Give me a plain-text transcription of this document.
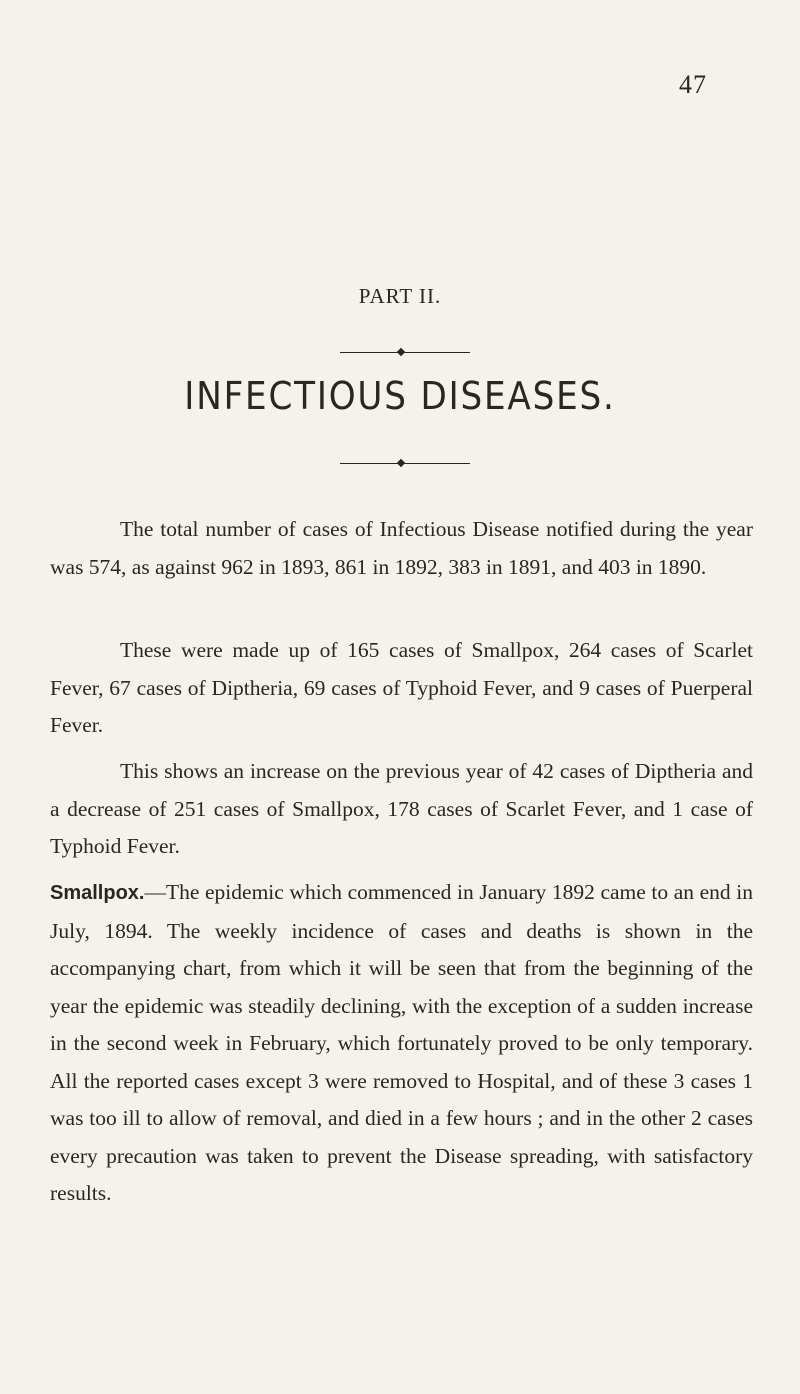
47
PART II.
INFECTIOUS DISEASES.

The total number of cases of Infectious Disease notified during the year was 574, as against 962 in 1893, 861 in 1892, 383 in 1891, and 403 in 1890.

These were made up of 165 cases of Smallpox, 264 cases of Scarlet Fever, 67 cases of Diptheria, 69 cases of Typhoid Fever, and 9 cases of Puerperal Fever.

This shows an increase on the previous year of 42 cases of Diptheria and a decrease of 251 cases of Smallpox, 178 cases of Scarlet Fever, and 1 case of Typhoid Fever.

Smallpox.—The epidemic which commenced in January 1892 came to an end in July, 1894. The weekly incidence of cases and deaths is shown in the accompanying chart, from which it will be seen that from the beginning of the year the epidemic was steadily declining, with the exception of a sudden increase in the second week in February, which fortunately proved to be only temporary. All the reported cases except 3 were removed to Hospital, and of these 3 cases 1 was too ill to allow of removal, and died in a few hours ; and in the other 2 cases every precaution was taken to prevent the Disease spreading, with satisfactory results.
